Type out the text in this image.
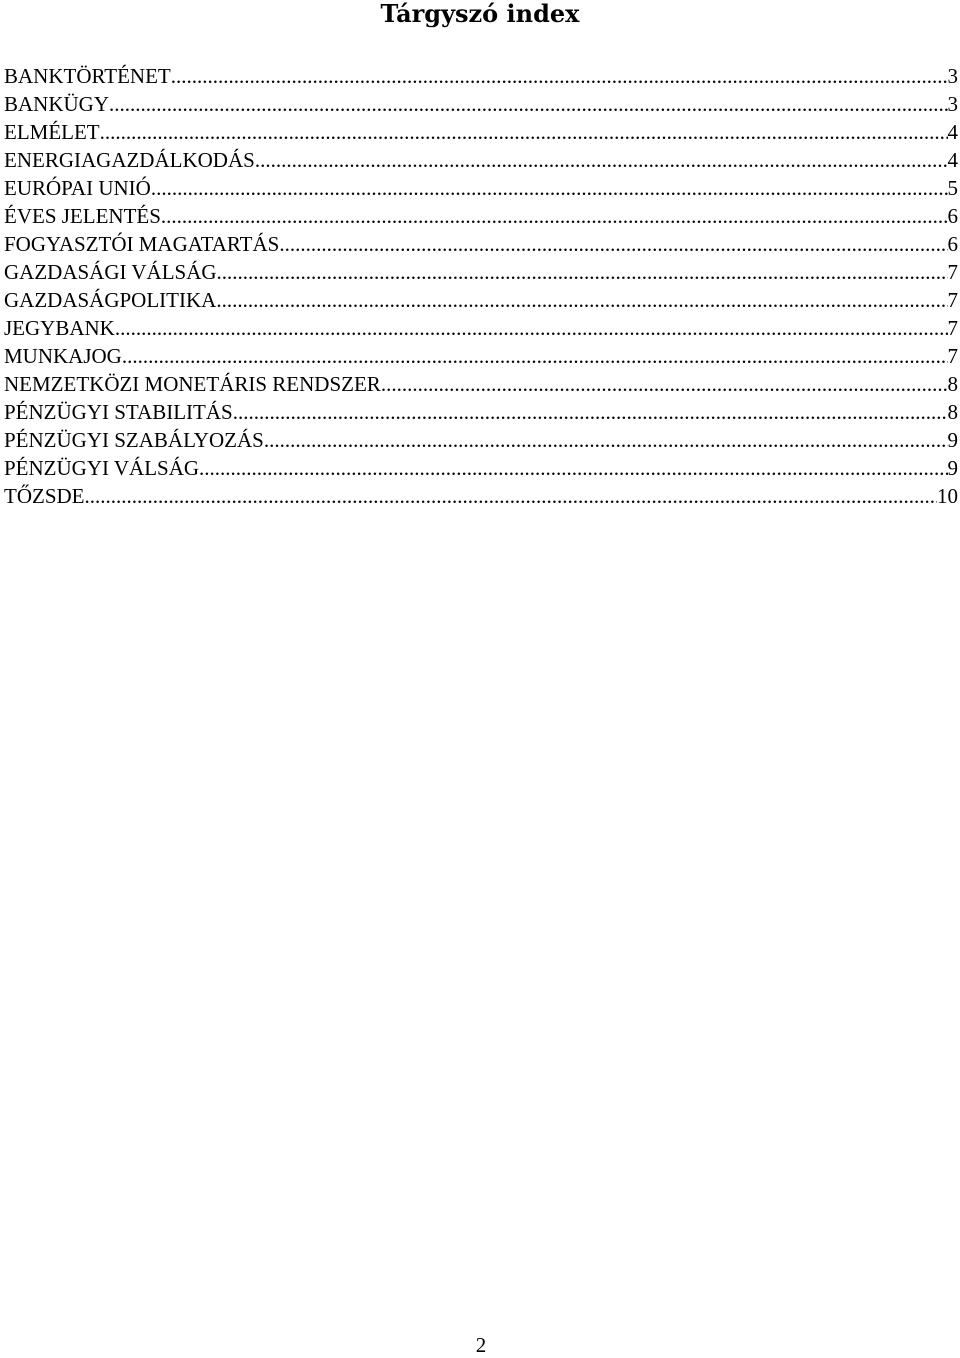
Tárgyszó index
BANKTÖRTÉNET .....	3
BANKÜGY .....	3
ELMÉLET .....	4
ENERGIAGAZDÁLKODÁS .....	4
EURÓPAI UNIÓ .....	5
ÉVES JELENTÉS .....	6
FOGYASZTÓI MAGATARTÁS .....	6
GAZDASÁGI VÁLSÁG .....	7
GAZDASÁGPOLITIKA .....	7
JEGYBANK .....	7
MUNKAJOG .....	7
NEMZETKÖZI MONETÁRIS RENDSZER .....	8
PÉNZÜGYI STABILITÁS .....	8
PÉNZÜGYI SZABÁLYOZÁS .....	9
PÉNZÜGYI VÁLSÁG .....	9
TŐZSDE .....	10
2
